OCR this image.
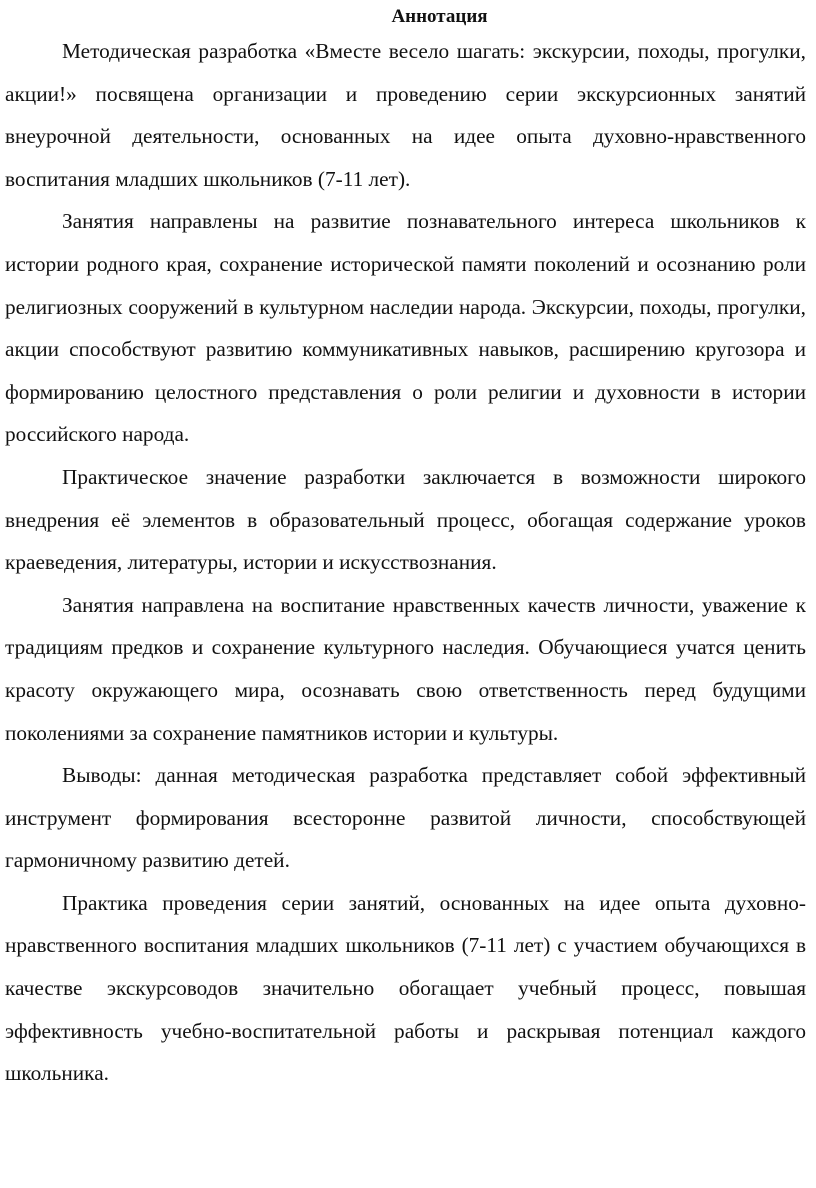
Аннотация

Методическая разработка «Вместе весело шагать: экскурсии, походы, прогулки, акции!» посвящена организации и проведению серии экскурсионных занятий внеурочной деятельности, основанных на идее опыта духовно-нравственного воспитания младших школьников (7-11 лет).

Занятия направлены на развитие познавательного интереса школьников к истории родного края, сохранение исторической памяти поколений и осознанию роли религиозных сооружений в культурном наследии народа. Экскурсии, походы, прогулки, акции способствуют развитию коммуникативных навыков, расширению кругозора и формированию целостного представления о роли религии и духовности в истории российского народа.

Практическое значение разработки заключается в возможности широкого внедрения её элементов в образовательный процесс, обогащая содержание уроков краеведения, литературы, истории и искусствознания.

Занятия направлена на воспитание нравственных качеств личности, уважение к традициям предков и сохранение культурного наследия. Обучающиеся учатся ценить красоту окружающего мира, осознавать свою ответственность перед будущими поколениями за сохранение памятников истории и культуры.

Выводы: данная методическая разработка представляет собой эффективный инструмент формирования всесторонне развитой личности, способствующей гармоничному развитию детей.

Практика проведения серии занятий, основанных на идее опыта духовно-нравственного воспитания младших школьников (7-11 лет) с участием обучающихся в качестве экскурсоводов значительно обогащает учебный процесс, повышая эффективность учебно-воспитательной работы и раскрывая потенциал каждого школьника.
